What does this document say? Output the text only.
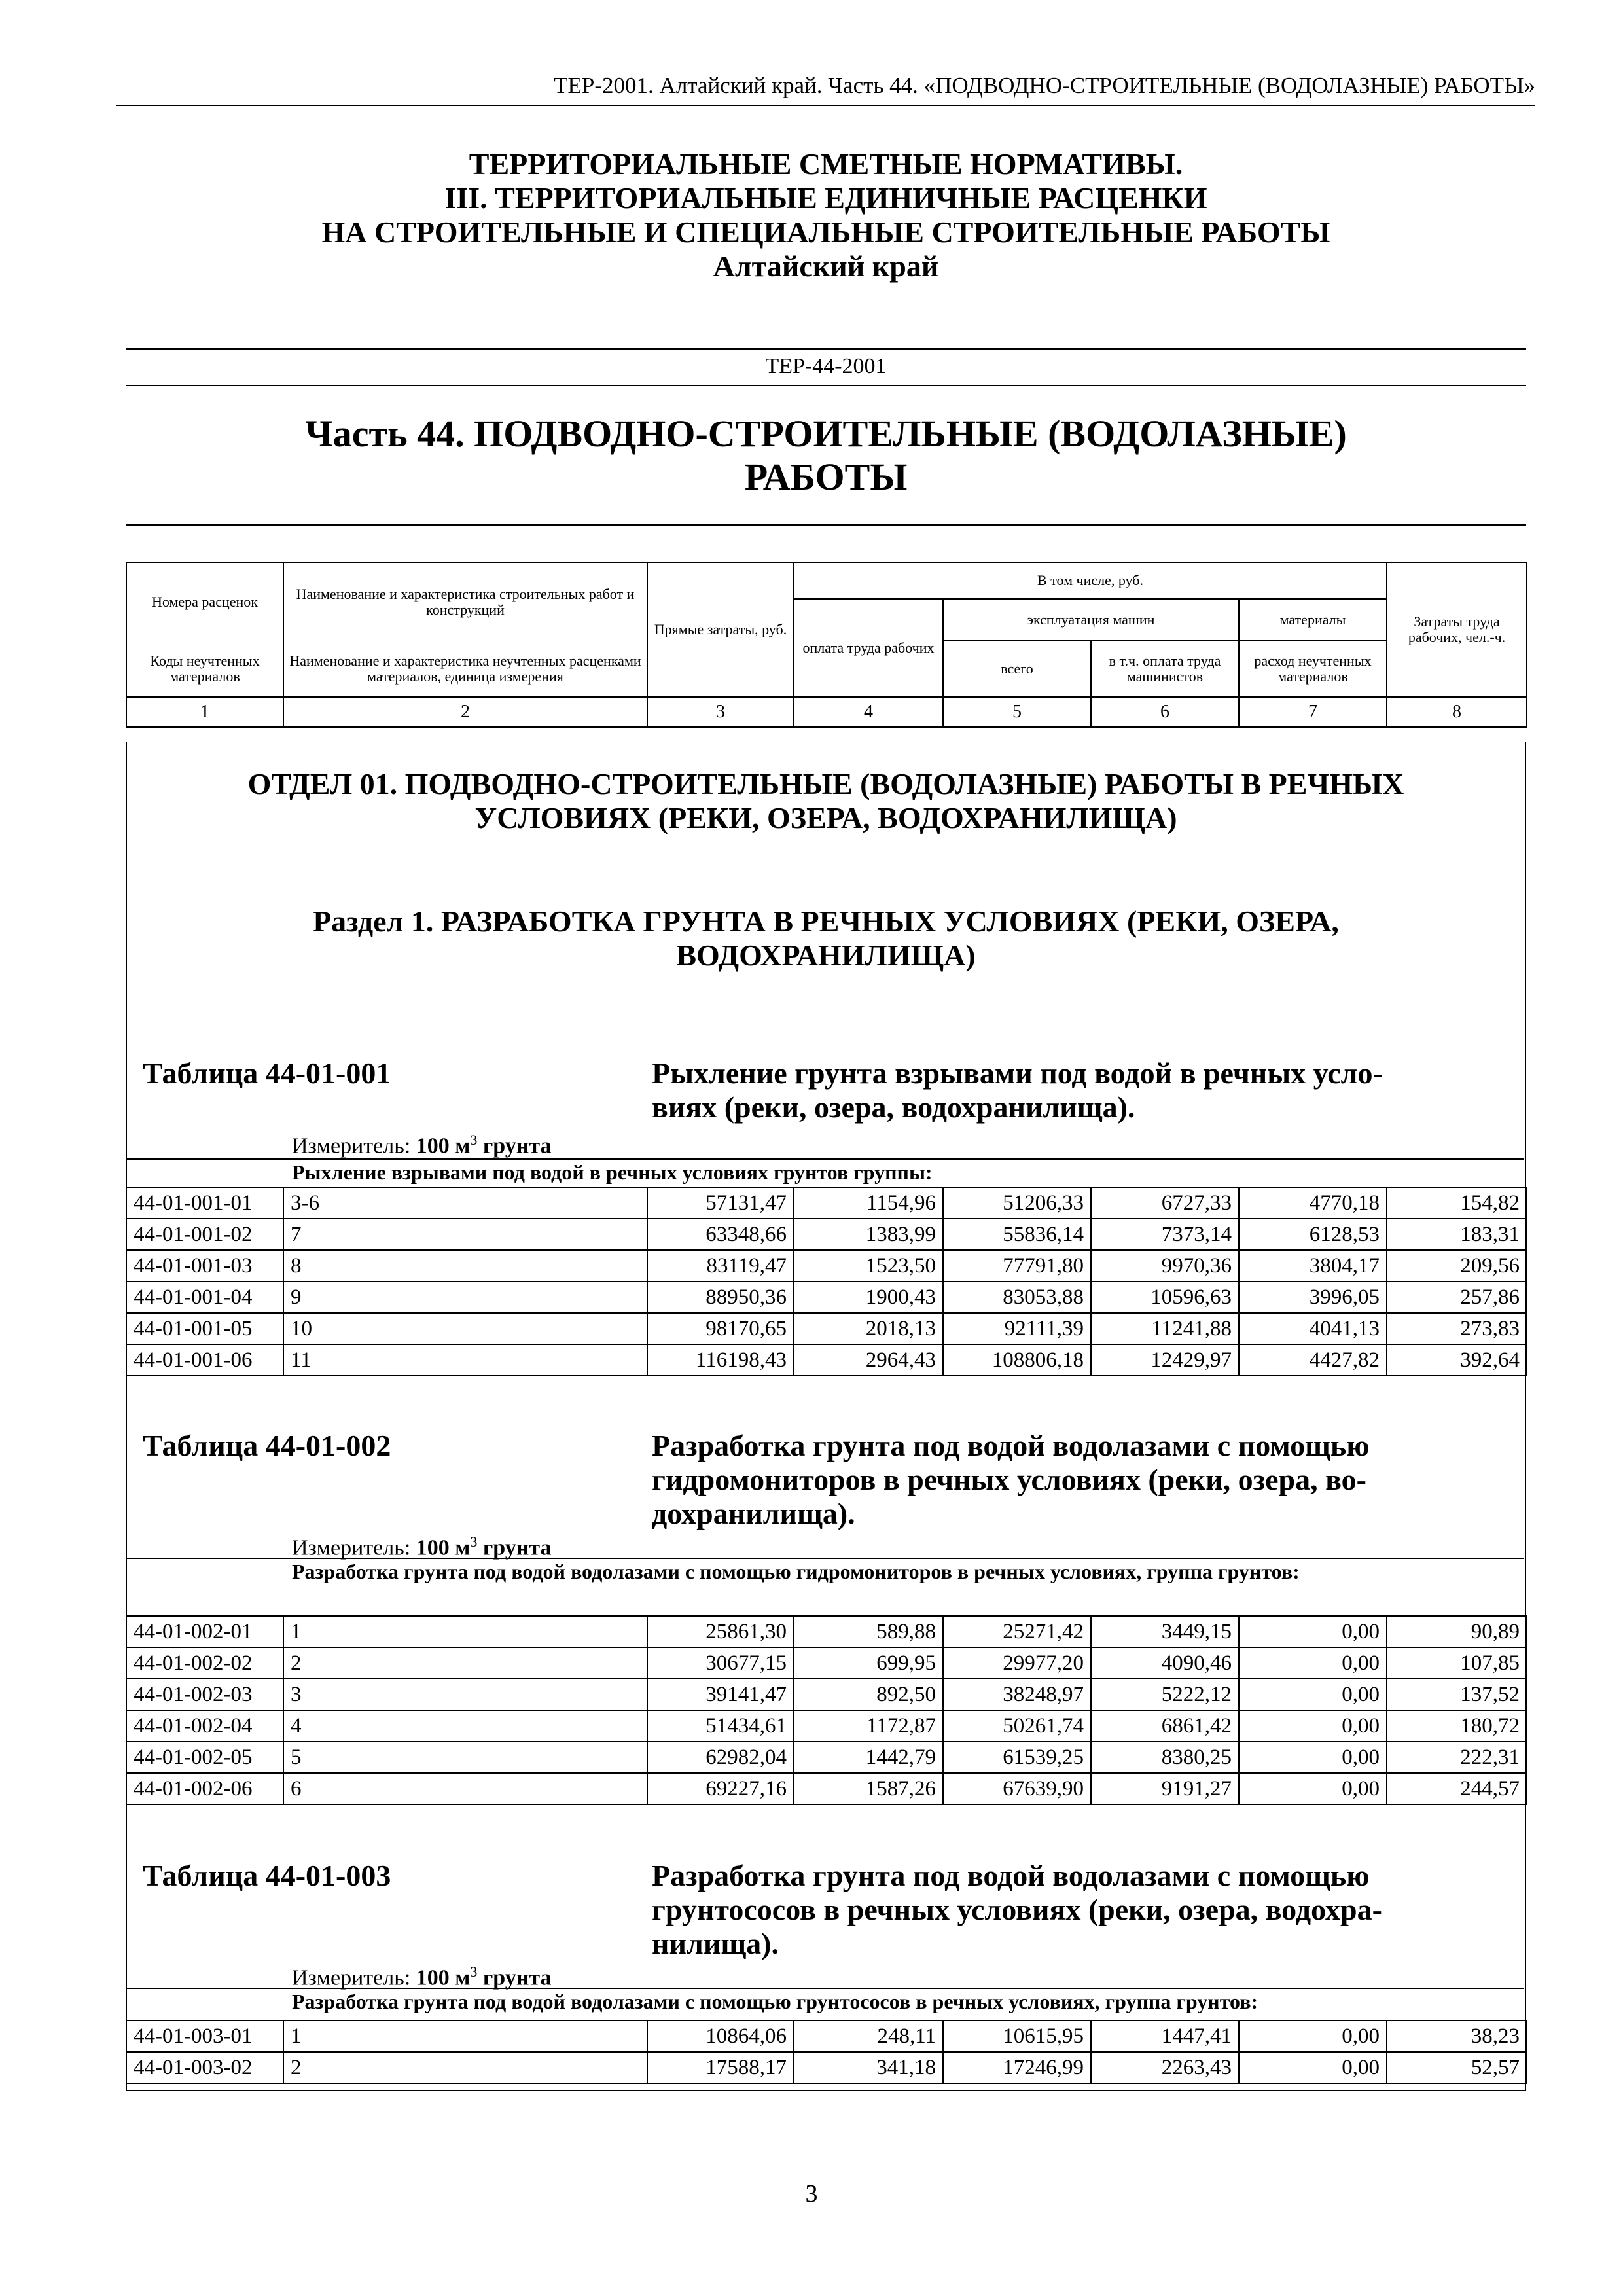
ТЕР-2001. Алтайский край. Часть 44. «ПОДВОДНО-СТРОИТЕЛЬНЫЕ (ВОДОЛАЗНЫЕ) РАБОТЫ»

ТЕРРИТОРИАЛЬНЫЕ СМЕТНЫЕ НОРМАТИВЫ.

III. ТЕРРИТОРИАЛЬНЫЕ ЕДИНИЧНЫЕ РАСЦЕНКИ

НА СТРОИТЕЛЬНЫЕ И СПЕЦИАЛЬНЫЕ СТРОИТЕЛЬНЫЕ РАБОТЫ

Алтайский край

ТЕР-44-2001
Часть 44. ПОДВОДНО-СТРОИТЕЛЬНЫЕ (ВОДОЛАЗНЫЕ)
РАБОТЫ
Номера расценок	Наименование и характеристика строительных работ и конструкций	Прямые затраты, руб.	В том числе, руб.				Затраты труда рабочих, чел.-ч.
			оплата труда рабочих	эксплуатация машин		материалы	
Коды неучтенных материалов	Наименование и характеристика неучтенных расценками материалов, единица измерения			всего	в т.ч. оплата труда машинистов	расход неучтенных материалов	
1	2	3	4	5	6	7	8
ОТДЕЛ 01. ПОДВОДНО-СТРОИТЕЛЬНЫЕ (ВОДОЛАЗНЫЕ) РАБОТЫ В РЕЧНЫХ
УСЛОВИЯХ (РЕКИ, ОЗЕРА, ВОДОХРАНИЛИЩА)
Раздел 1. РАЗРАБОТКА ГРУНТА В РЕЧНЫХ УСЛОВИЯХ (РЕКИ, ОЗЕРА,
ВОДОХРАНИЛИЩА)
Таблица 44-01-001	Рыхление грунта взрывами под водой в речных усло-
виях (реки, озера, водохранилища).
Измеритель: 100 $м^3$ грунта
Рыхление взрывами под водой в речных условиях грунтов группы:
44-01-001-01	3-6	57131,47	1154,96	51206,33	6727,33	4770,18	154,82
44-01-001-02	7	63348,66	1383,99	55836,14	7373,14	6128,53	183,31
44-01-001-03	8	83119,47	1523,50	77791,80	9970,36	3804,17	209,56
44-01-001-04	9	88950,36	1900,43	83053,88	10596,63	3996,05	257,86
44-01-001-05	10	98170,65	2018,13	92111,39	11241,88	4041,13	273,83
44-01-001-06	11	116198,43	2964,43	108806,18	12429,97	4427,82	392,64
Таблица 44-01-002	Разработка грунта под водой водолазами с помощью
гидромониторов в речных условиях (реки, озера, во-
дохранилища).
Измеритель: 100 $м^3$ грунта
Разработка грунта под водой водолазами с помощью гидромониторов в речных условиях, группа грунтов:
44-01-002-01	1	25861,30	589,88	25271,42	3449,15	0,00	90,89
44-01-002-02	2	30677,15	699,95	29977,20	4090,46	0,00	107,85
44-01-002-03	3	39141,47	892,50	38248,97	5222,12	0,00	137,52
44-01-002-04	4	51434,61	1172,87	50261,74	6861,42	0,00	180,72
44-01-002-05	5	62982,04	1442,79	61539,25	8380,25	0,00	222,31
44-01-002-06	6	69227,16	1587,26	67639,90	9191,27	0,00	244,57
Таблица 44-01-003	Разработка грунта под водой водолазами с помощью
грунтососов в речных условиях (реки, озера, водохра-
нилища).
Измеритель: 100 $м^3$ грунта
Разработка грунта под водой водолазами с помощью грунтососов в речных условиях, группа грунтов:
44-01-003-01	1	10864,06	248,11	10615,95	1447,41	0,00	38,23
44-01-003-02	2	17588,17	341,18	17246,99	2263,43	0,00	52,57
3
